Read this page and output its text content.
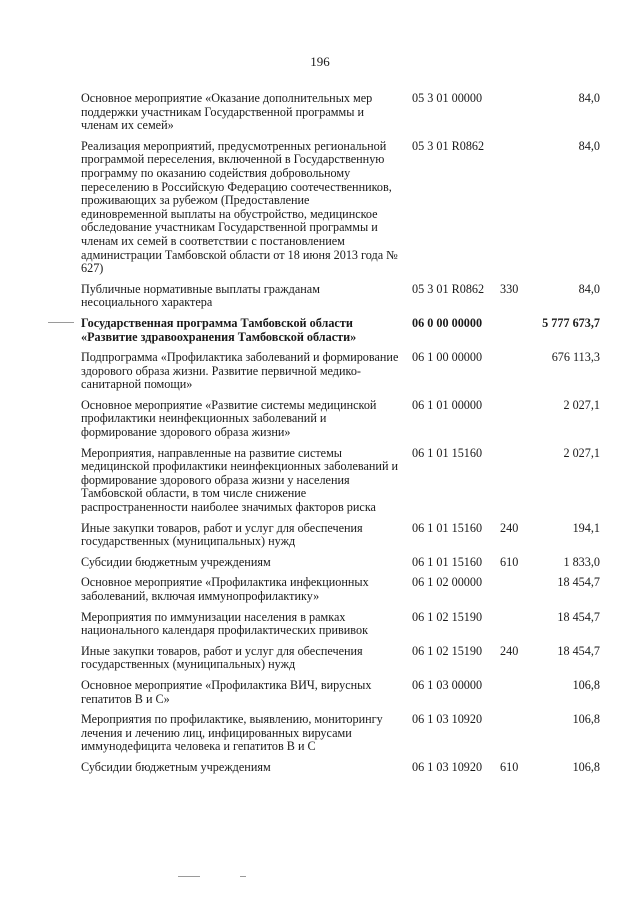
196
Основное мероприятие «Оказание дополнительных мер поддержки участникам Государственной программы и членам их семей»
05 3 01 00000	84,0
Реализация мероприятий, предусмотренных региональной программой переселения, включенной в Государственную программу по оказанию содействия добровольному переселению в Российскую Федерацию соотечественников, проживающих за рубежом (Предоставление единовременной выплаты на обустройство, медицинское обследование участникам Государственной программы и членам их семей в соответствии с постановлением администрации Тамбовской области от 18 июня 2013 года № 627)
05 3 01 R0862	84,0
Публичные нормативные выплаты гражданам несоциального характера
05 3 01 R0862 330	84,0
Государственная программа Тамбовской области «Развитие здравоохранения Тамбовской области»
06 0 00 00000	5 777 673,7
Подпрограмма «Профилактика заболеваний и формирование здорового образа жизни. Развитие первичной медико-санитарной помощи»
06 1 00 00000	676 113,3
Основное мероприятие «Развитие системы медицинской профилактики неинфекционных заболеваний и формирование здорового образа жизни»
06 1 01 00000	2 027,1
Мероприятия, направленные на развитие системы медицинской профилактики неинфекционных заболеваний и формирование здорового образа жизни у населения Тамбовской области, в том числе снижение распространенности наиболее значимых факторов риска
06 1 01 15160	2 027,1
Иные закупки товаров, работ и услуг для обеспечения государственных (муниципальных) нужд
06 1 01 15160 240	194,1
Субсидии бюджетным учреждениям	06 1 01 15160 610	1 833,0
Основное мероприятие «Профилактика инфекционных заболеваний, включая иммунопрофилактику»
06 1 02 00000	18 454,7
Мероприятия по иммунизации населения в рамках национального календаря профилактических прививок
06 1 02 15190	18 454,7
Иные закупки товаров, работ и услуг для обеспечения государственных (муниципальных) нужд
06 1 02 15190 240	18 454,7
Основное мероприятие «Профилактика ВИЧ, вирусных гепатитов В и С»
06 1 03 00000	106,8
Мероприятия по профилактике, выявлению, мониторингу лечения и лечению лиц, инфицированных вирусами иммунодефицита человека и гепатитов В и С
06 1 03 10920	106,8
Субсидии бюджетным учреждениям	06 1 03 10920 610	106,8
